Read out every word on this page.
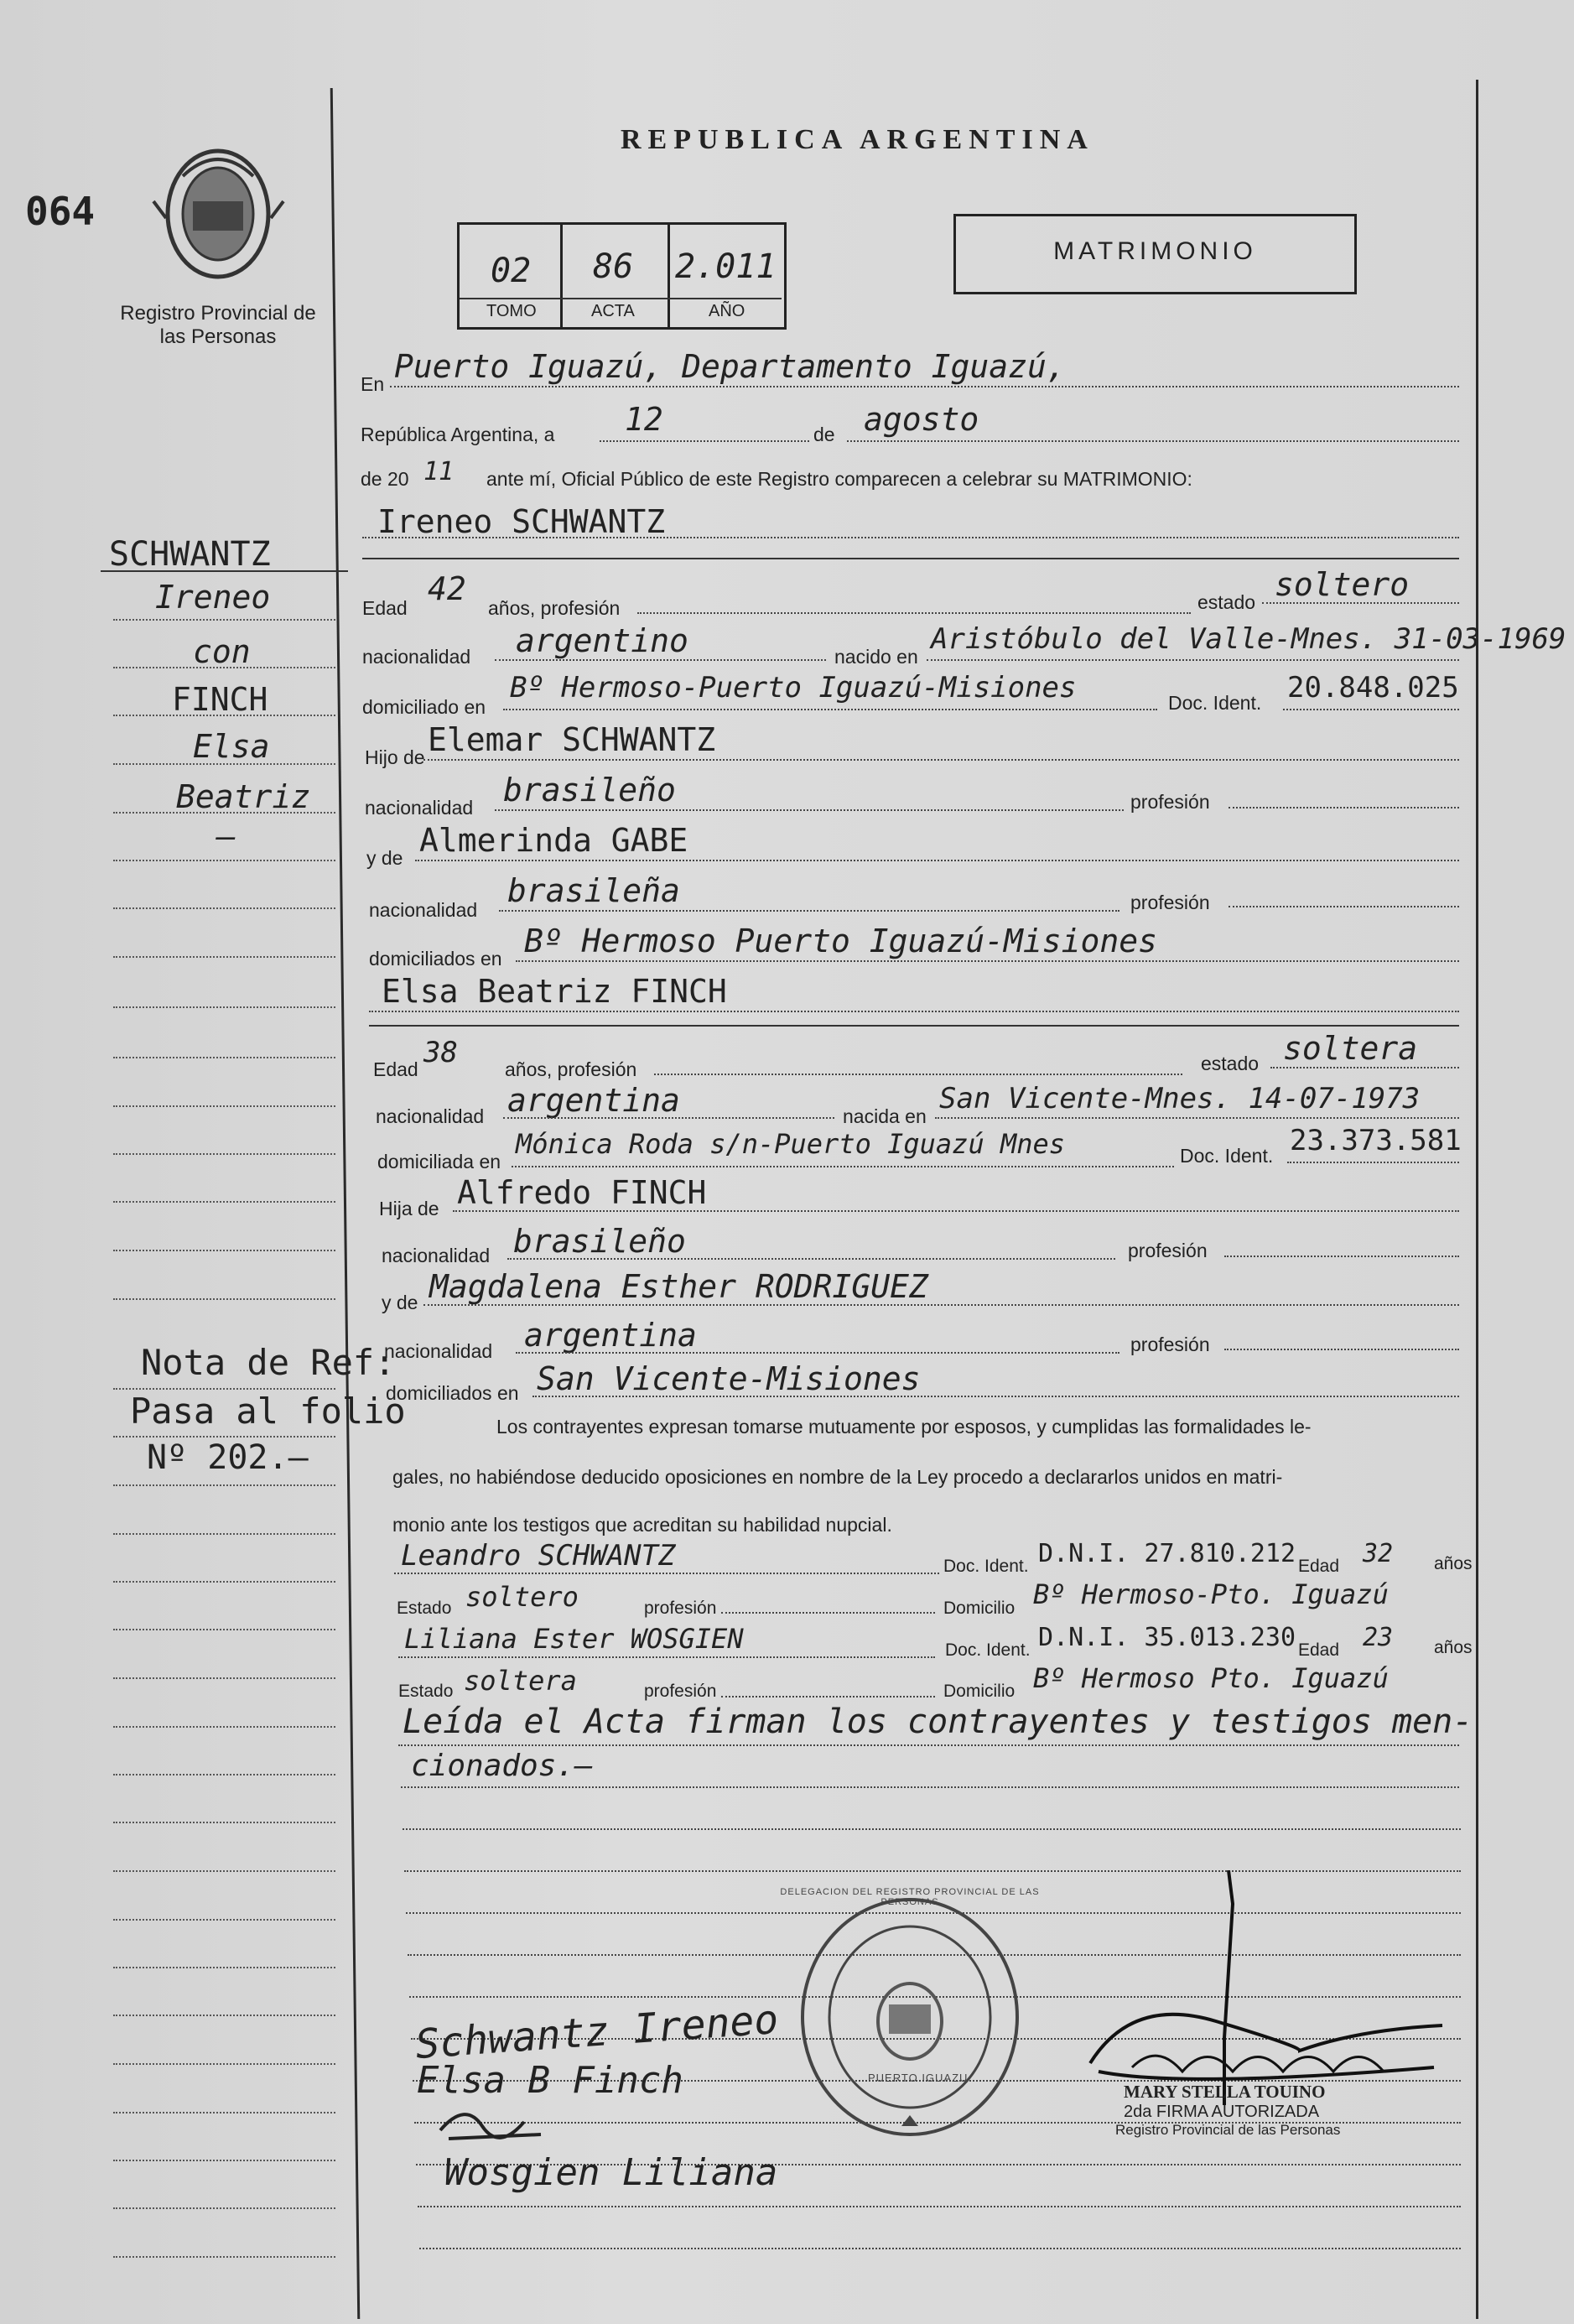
064
Registro Provincial de las Personas
REPUBLICA ARGENTINA
02 86 2.011
TOMO	ACTA	AÑO
MATRIMONIO
SCHWANTZ
Ireneo
con
FINCH
Elsa
Beatriz
—
Nota de Ref:
Pasa al folio
Nº 202.—
En Puerto Iguazú, Departamento Iguazú,
República Argentina, a 12	de agosto
de 20 11 ante mí, Oficial Público de este Registro comparecen a celebrar su MATRIMONIO:
Ireneo SCHWANTZ
Edad
42
años, profesión	estado soltero
nacionalidad argentino	nacido en
Aristóbulo del Valle-Mnes. 31-03-1969
domiciliado en
Bº Hermoso-Puerto Iguazú-Misiones	Doc. Ident. 20.848.025
Hijo de Elemar SCHWANTZ
nacionalidad brasileño	profesión
y de Almerinda GABE
nacionalidad
brasileña	profesión
domiciliados en Bº Hermoso Puerto Iguazú-Misiones
Elsa Beatriz FINCH
Edad 38 años, profesión	estado soltera
nacionalidad argentina	nacida en
San Vicente-Mnes. 14-07-1973
domiciliada en
Mónica Roda s/n-Puerto Iguazú Mnes	Doc. Ident. 23.373.581
Hija de Alfredo FINCH
nacionalidad brasileño	profesión
y de Magdalena Esther RODRIGUEZ
nacionalidad argentina	profesión
domiciliados en San Vicente-Misiones
Los contrayentes expresan tomarse mutuamente por esposos, y cumplidas las formalidades le-
gales, no habiéndose deducido oposiciones en nombre de la Ley procedo a declararlos unidos en matri-
monio ante los testigos que acreditan su habilidad nupcial.
Leandro SCHWANTZ	Doc. Ident. D.N.I. 27.810.212 Edad 32 años
Estado soltero	profesión	Domicilio Bº Hermoso-Pto. Iguazú
Liliana Ester WOSGIEN	Doc. Ident. D.N.I. 35.013.230 Edad 23 años
Estado soltera	profesión	Domicilio Bº Hermoso Pto. Iguazú
Leída el Acta firman los contrayentes y testigos men-
cionados.—
Schwantz Ireneo
Elsa B Finch
Wosgien Liliana
DELEGACION DEL REGISTRO PROVINCIAL DE LAS PERSONAS
PUERTO IGUAZU
MARY STELLA TOUINO
2da FIRMA AUTORIZADA
Registro Provincial de las Personas
